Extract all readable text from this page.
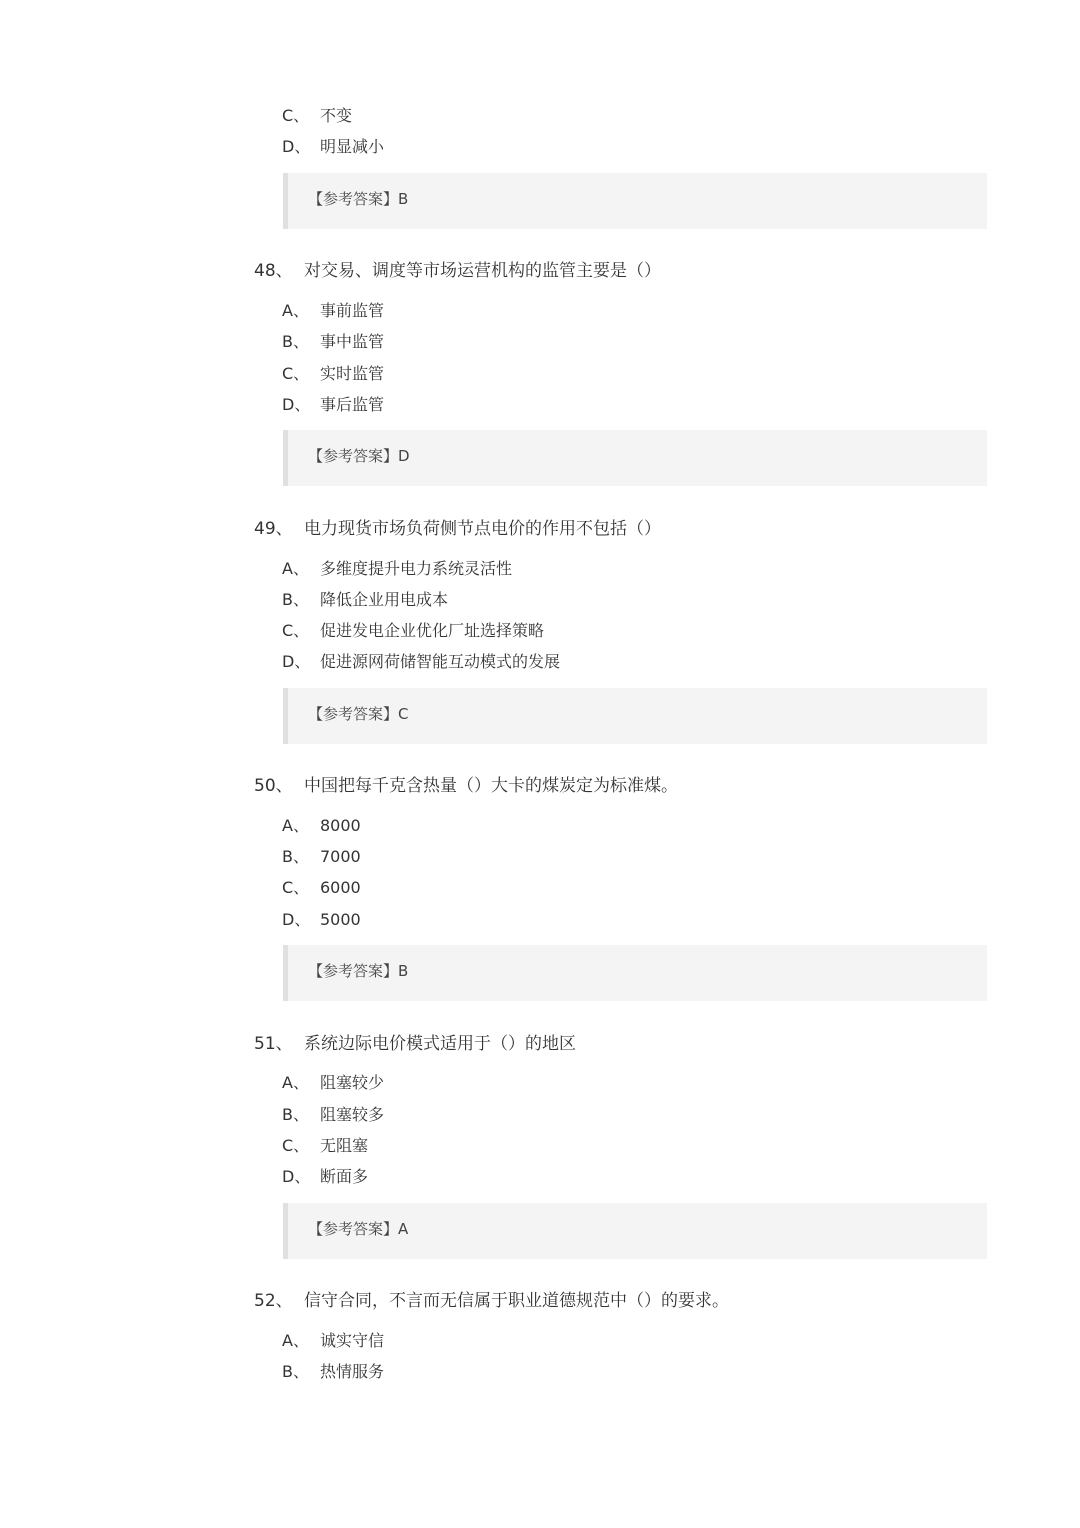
C、 不变
D、 明显减小
【参考答案】B
48、 对交易、调度等市场运营机构的监管主要是（）
A、 事前监管
B、 事中监管
C、 实时监管
D、 事后监管
【参考答案】D
49、 电力现货市场负荷侧节点电价的作用不包括（）
A、 多维度提升电力系统灵活性
B、 降低企业用电成本
C、 促进发电企业优化厂址选择策略
D、 促进源网荷储智能互动模式的发展
【参考答案】C
50、 中国把每千克含热量（）大卡的煤炭定为标准煤。
A、 8000
B、 7000
C、 6000
D、 5000
【参考答案】B
51、 系统边际电价模式适用于（）的地区
A、 阻塞较少
B、 阻塞较多
C、 无阻塞
D、 断面多
【参考答案】A
52、 信守合同，不言而无信属于职业道德规范中（）的要求。
A、 诚实守信
B、 热情服务
